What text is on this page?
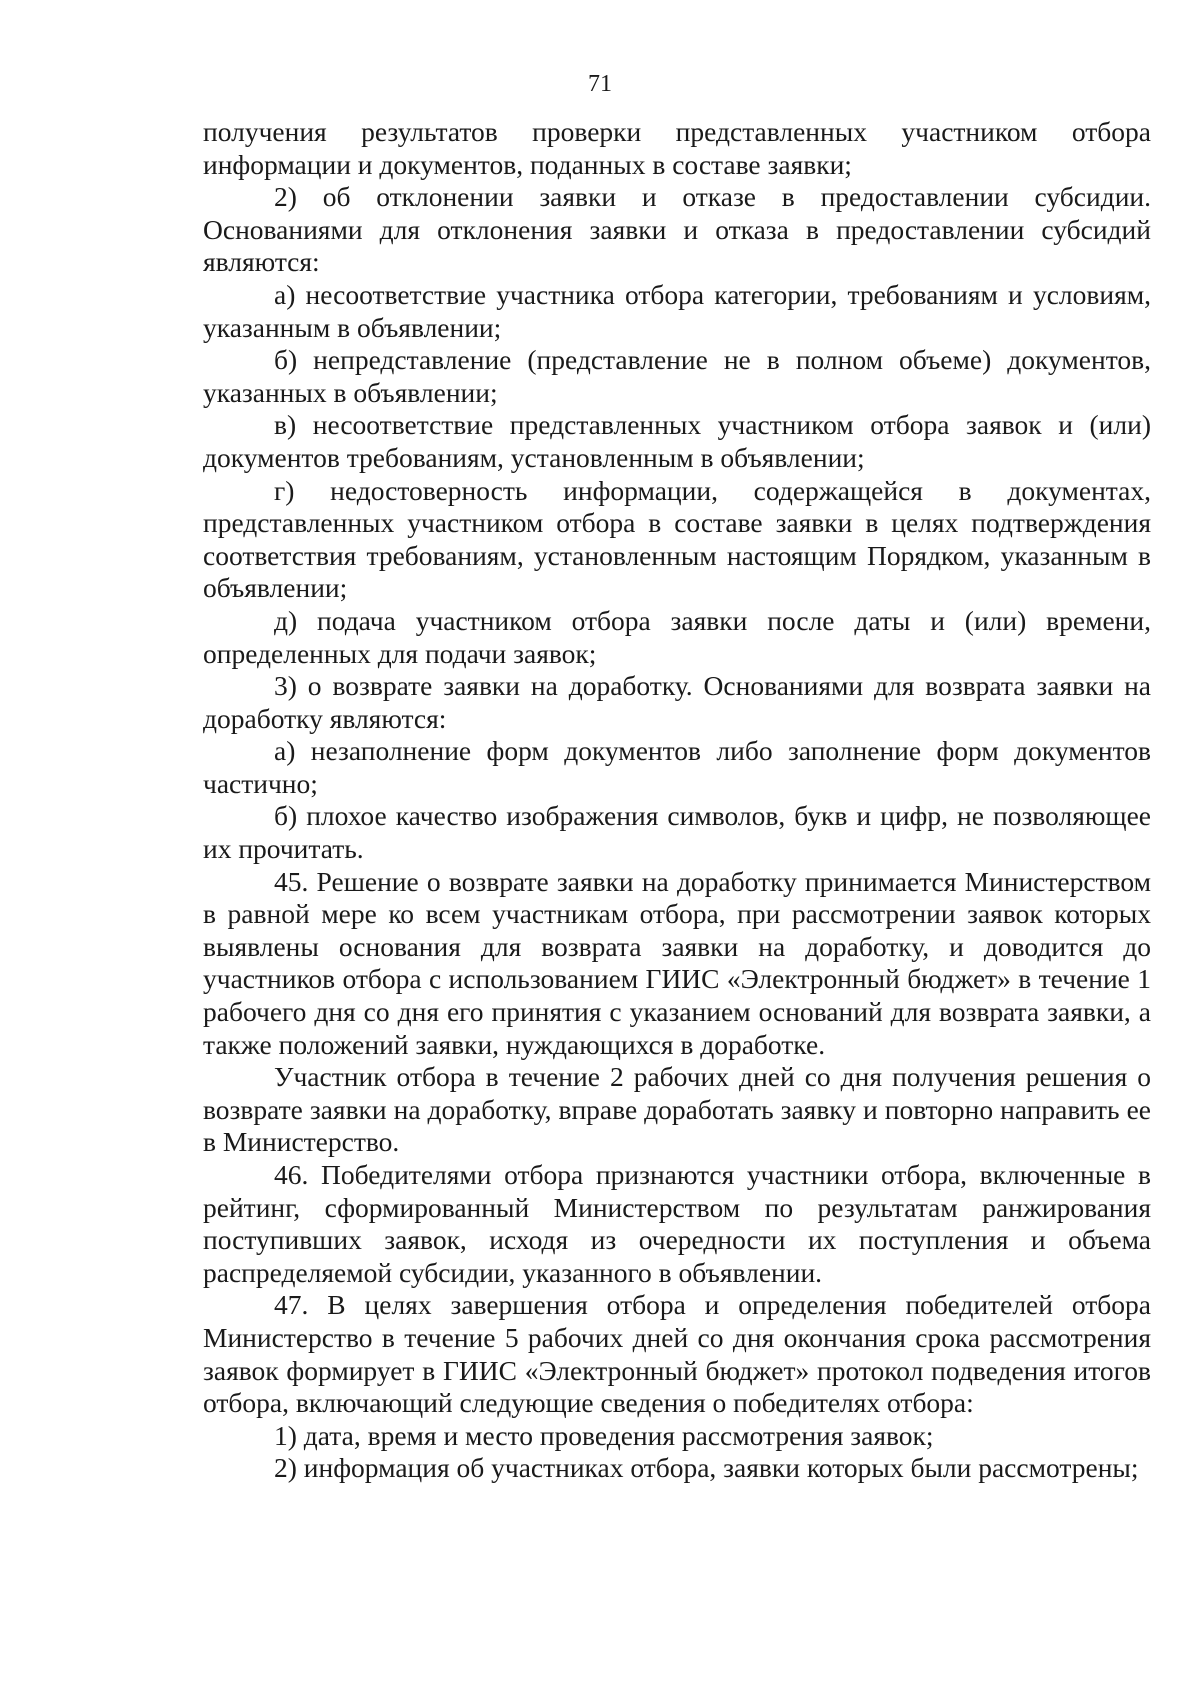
71

получения результатов проверки представленных участником отбора информации и документов, поданных в составе заявки;

2) об отклонении заявки и отказе в предоставлении субсидии. Основаниями для отклонения заявки и отказа в предоставлении субсидий являются:

а) несоответствие участника отбора категории, требованиям и условиям, указанным в объявлении;

б) непредставление (представление не в полном объеме) документов, указанных в объявлении;

в) несоответствие представленных участником отбора заявок и (или) документов требованиям, установленным в объявлении;

г) недостоверность информации, содержащейся в документах, представленных участником отбора в составе заявки в целях подтверждения соответствия требованиям, установленным настоящим Порядком, указанным в объявлении;

д) подача участником отбора заявки после даты и (или) времени, определенных для подачи заявок;

3) о возврате заявки на доработку. Основаниями для возврата заявки на доработку являются:

а) незаполнение форм документов либо заполнение форм документов частично;

б) плохое качество изображения символов, букв и цифр, не позволяющее их прочитать.

45. Решение о возврате заявки на доработку принимается Министерством в равной мере ко всем участникам отбора, при рассмотрении заявок которых выявлены основания для возврата заявки на доработку, и доводится до участников отбора с использованием ГИИС «Электронный бюджет» в течение 1 рабочего дня со дня его принятия с указанием оснований для возврата заявки, а также положений заявки, нуждающихся в доработке.

Участник отбора в течение 2 рабочих дней со дня получения решения о возврате заявки на доработку, вправе доработать заявку и повторно направить ее в Министерство.

46. Победителями отбора признаются участники отбора, включенные в рейтинг, сформированный Министерством по результатам ранжирования поступивших заявок, исходя из очередности их поступления и объема распределяемой субсидии, указанного в объявлении.

47. В целях завершения отбора и определения победителей отбора Министерство в течение 5 рабочих дней со дня окончания срока рассмотрения заявок формирует в ГИИС «Электронный бюджет» протокол подведения итогов отбора, включающий следующие сведения о победителях отбора:

1) дата, время и место проведения рассмотрения заявок;

2) информация об участниках отбора, заявки которых были рассмотрены;
